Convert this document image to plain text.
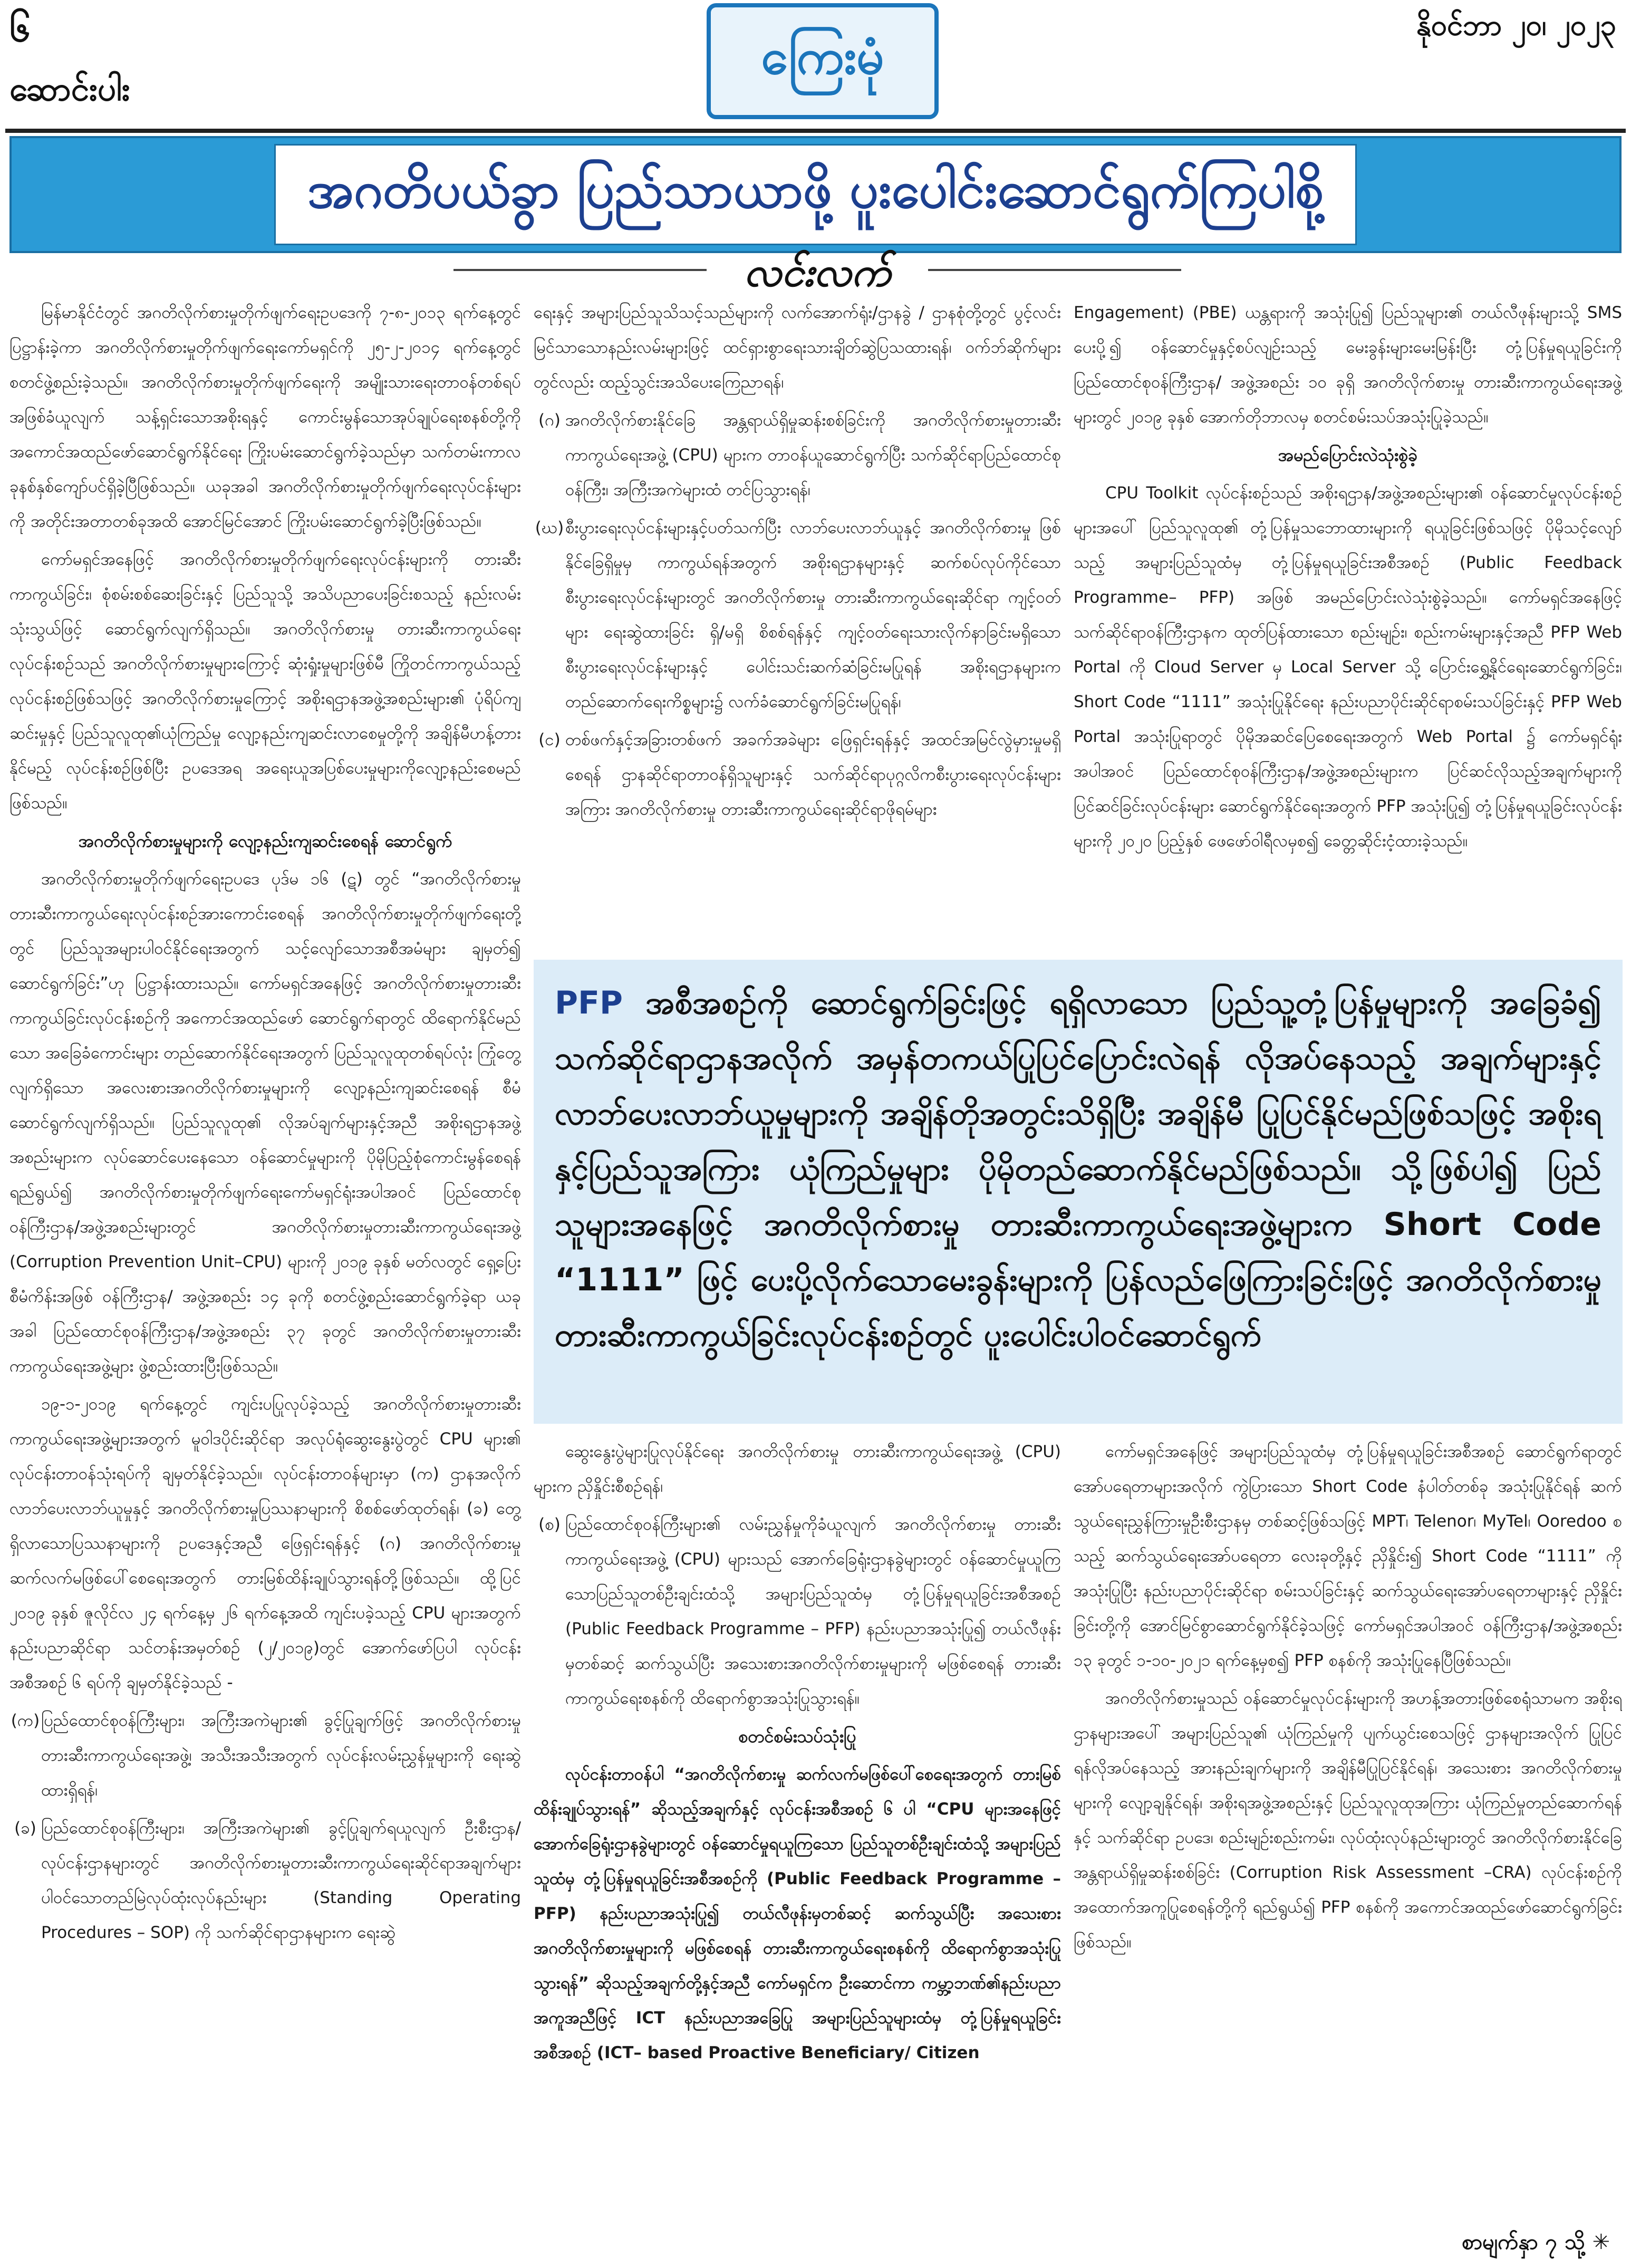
၆
ဆောင်းပါး
ကြေးမုံ
နိုဝင်ဘာ ၂၀၊ ၂၀၂၃
အဂတိပယ်ခွာ ပြည်သာယာဖို့ ပူးပေါင်းဆောင်ရွက်ကြပါစို့
လင်းလက်

မြန်မာနိုင်ငံတွင် အဂတိလိုက်စားမှုတိုက်ဖျက်ရေးဥပဒေကို ၇-၈-၂၀၁၃ ရက်နေ့တွင် ပြဋ္ဌာန်းခဲ့ကာ အဂတိလိုက်စားမှုတိုက်ဖျက်ရေးကော်မရှင်ကို ၂၅-၂-၂၀၁၄ ရက်နေ့တွင် စတင်ဖွဲ့စည်းခဲ့သည်။ အဂတိလိုက်စားမှုတိုက်ဖျက်ရေးကို အမျိုးသားရေးတာဝန်တစ်ရပ်အဖြစ်ခံယူလျက် သန့်ရှင်းသောအစိုးရနှင့် ကောင်းမွန်သောအုပ်ချုပ်ရေးစနစ်တို့ကို အကောင်အထည်ဖော်ဆောင်ရွက်နိုင်ရေး ကြိုးပမ်းဆောင်ရွက်ခဲ့သည်မှာ သက်တမ်းကာလ ခုနစ်နှစ်ကျော်ပင်ရှိခဲ့ပြီဖြစ်သည်။ ယခုအခါ အဂတိလိုက်စားမှုတိုက်ဖျက်ရေးလုပ်ငန်းများကို အတိုင်းအတာတစ်ခုအထိ အောင်မြင်အောင် ကြိုးပမ်းဆောင်ရွက်ခဲ့ပြီးဖြစ်သည်။

ကော်မရှင်အနေဖြင့် အဂတိလိုက်စားမှုတိုက်ဖျက်ရေးလုပ်ငန်းများကို တားဆီးကာကွယ်ခြင်း၊ စုံစမ်းစစ်ဆေးခြင်းနှင့် ပြည်သူသို့ အသိပညာပေးခြင်းစသည့် နည်းလမ်းသုံးသွယ်ဖြင့် ဆောင်ရွက်လျက်ရှိသည်။ အဂတိလိုက်စားမှု တားဆီးကာကွယ်ရေးလုပ်ငန်းစဉ်သည် အဂတိလိုက်စားမှုများကြောင့် ဆုံးရှုံးမှုများဖြစ်မီ ကြိုတင်ကာကွယ်သည့်လုပ်ငန်းစဉ်ဖြစ်သဖြင့် အဂတိလိုက်စားမှုကြောင့် အစိုးရဌာနအဖွဲ့အစည်းများ၏ ပုံရိပ်ကျဆင်းမှုနှင့် ပြည်သူလူထု၏ယုံကြည်မှု လျော့နည်းကျဆင်းလာစေမှုတို့ကို အချိန်မီဟန့်တားနိုင်မည့် လုပ်ငန်းစဉ်ဖြစ်ပြီး ဥပဒေအရ အရေးယူအပြစ်ပေးမှုများကိုလျော့နည်းစေမည်ဖြစ်သည်။

အဂတိလိုက်စားမှုများကို လျော့နည်းကျဆင်းစေရန် ဆောင်ရွက်

အဂတိလိုက်စားမှုတိုက်ဖျက်ရေးဥပဒေ ပုဒ်မ ၁၆ (ဋ) တွင် “အဂတိလိုက်စားမှုတားဆီးကာကွယ်ရေးလုပ်ငန်းစဉ်အားကောင်းစေရန် အဂတိလိုက်စားမှုတိုက်ဖျက်ရေးတို့တွင် ပြည်သူအများပါဝင်နိုင်ရေးအတွက် သင့်လျော်သောအစီအမံများ ချမှတ်၍ ဆောင်ရွက်ခြင်း”ဟု ပြဋ္ဌာန်းထားသည်။ ကော်မရှင်အနေဖြင့် အဂတိလိုက်စားမှုတားဆီးကာကွယ်ခြင်းလုပ်ငန်းစဉ်ကို အကောင်အထည်ဖော် ဆောင်ရွက်ရာတွင် ထိရောက်နိုင်မည်သော အခြေခံကောင်းများ တည်ဆောက်နိုင်ရေးအတွက် ပြည်သူလူထုတစ်ရပ်လုံး ကြုံတွေ့လျက်ရှိသော အလေးစားအဂတိလိုက်စားမှုများကို လျော့နည်းကျဆင်းစေရန် စီမံဆောင်ရွက်လျက်ရှိသည်။ ပြည်သူလူထု၏ လိုအပ်ချက်များနှင့်အညီ အစိုးရဌာနအဖွဲ့အစည်းများက လုပ်ဆောင်ပေးနေသော ဝန်ဆောင်မှုများကို ပိုမိုပြည့်စုံကောင်းမွန်စေရန်ရည်ရွယ်၍ အဂတိလိုက်စားမှုတိုက်ဖျက်ရေးကော်မရှင်ရုံးအပါအဝင် ပြည်ထောင်စုဝန်ကြီးဌာန/အဖွဲ့အစည်းများတွင် အဂတိလိုက်စားမှုတားဆီးကာကွယ်ရေးအဖွဲ့ (Corruption Prevention Unit–CPU) များကို ၂၀၁၉ ခုနှစ် မတ်လတွင် ရှေ့ပြေးစီမံကိန်းအဖြစ် ဝန်ကြီးဌာန/ အဖွဲ့အစည်း ၁၄ ခုကို စတင်ဖွဲ့စည်းဆောင်ရွက်ခဲ့ရာ ယခုအခါ ပြည်ထောင်စုဝန်ကြီးဌာန/အဖွဲ့အစည်း ၃၇ ခုတွင် အဂတိလိုက်စားမှုတားဆီးကာကွယ်ရေးအဖွဲ့များ ဖွဲ့စည်းထားပြီးဖြစ်သည်။

၁၉-၁-၂၀၁၉ ရက်နေ့တွင် ကျင်းပပြုလုပ်ခဲ့သည့် အဂတိလိုက်စားမှုတားဆီးကာကွယ်ရေးအဖွဲ့များအတွက် မူဝါဒပိုင်းဆိုင်ရာ အလုပ်ရုံဆွေးနွေးပွဲတွင် CPU များ၏ လုပ်ငန်းတာဝန်သုံးရပ်ကို ချမှတ်နိုင်ခဲ့သည်။ လုပ်ငန်းတာဝန်များမှာ (က) ဌာနအလိုက် လာဘ်ပေးလာဘ်ယူမှုနှင့် အဂတိလိုက်စားမှုပြဿနာများကို စိစစ်ဖော်ထုတ်ရန်၊ (ခ) တွေ့ရှိလာသောပြဿနာများကို ဥပဒေနှင့်အညီ ဖြေရှင်းရန်နှင့် (ဂ) အဂတိလိုက်စားမှု ဆက်လက်မဖြစ်ပေါ်စေရေးအတွက် တားမြစ်ထိန်းချုပ်သွားရန်တို့ဖြစ်သည်။ ထို့ပြင် ၂၀၁၉ ခုနှစ် ဇူလိုင်လ ၂၄ ရက်နေ့မှ ၂၆ ရက်နေ့အထိ ကျင်းပခဲ့သည့် CPU များအတွက် နည်းပညာဆိုင်ရာ သင်တန်းအမှတ်စဉ် (၂/၂၀၁၉)တွင် အောက်ဖော်ပြပါ လုပ်ငန်းအစီအစဉ် ၆ ရပ်ကို ချမှတ်နိုင်ခဲ့သည် -

(က) ပြည်ထောင်စုဝန်ကြီးများ၊ အကြီးအကဲများ၏ ခွင့်ပြုချက်ဖြင့် အဂတိလိုက်စားမှု တားဆီးကာကွယ်ရေးအဖွဲ့၊ အသီးအသီးအတွက် လုပ်ငန်းလမ်းညွှန်မှုများကို ရေးဆွဲထားရှိရန်၊
(ခ) ပြည်ထောင်စုဝန်ကြီးများ၊ အကြီးအကဲများ၏ ခွင့်ပြုချက်ရယူလျက် ဦးစီးဌာန/လုပ်ငန်းဌာနများတွင် အဂတိလိုက်စားမှုတားဆီးကာကွယ်ရေးဆိုင်ရာအချက်များ ပါဝင်သောတည်မြဲလုပ်ထုံးလုပ်နည်းများ (Standing Operating Procedures – SOP) ကို သက်ဆိုင်ရာဌာနများက ရေးဆွဲ

ရေးနှင့် အများပြည်သူသိသင့်သည်များကို လက်အောက်ရုံး/ဌာနခွဲ / ဌာနစုံတို့တွင် ပွင့်လင်းမြင်သာသောနည်းလမ်းများဖြင့် ထင်ရှားစွာရေးသားချိတ်ဆွဲပြသထားရန်၊ ဝက်ဘ်ဆိုက်များတွင်လည်း ထည့်သွင်းအသိပေးကြေညာရန်၊

(ဂ) အဂတိလိုက်စားနိုင်ခြေ အန္တရာယ်ရှိမှုဆန်းစစ်ခြင်းကို အဂတိလိုက်စားမှုတားဆီးကာကွယ်ရေးအဖွဲ့ (CPU) များက တာဝန်ယူဆောင်ရွက်ပြီး သက်ဆိုင်ရာပြည်ထောင်စုဝန်ကြီး၊ အကြီးအကဲများထံ တင်ပြသွားရန်၊
(ဃ) စီးပွားရေးလုပ်ငန်းများနှင့်ပတ်သက်ပြီး လာဘ်ပေးလာဘ်ယူနှင့် အဂတိလိုက်စားမှု ဖြစ်နိုင်ခြေရှိမှုမှ ကာကွယ်ရန်အတွက် အစိုးရဌာနများနှင့် ဆက်စပ်လုပ်ကိုင်သော စီးပွားရေးလုပ်ငန်းများတွင် အဂတိလိုက်စားမှု တားဆီးကာကွယ်ရေးဆိုင်ရာ ကျင့်ဝတ်များ ရေးဆွဲထားခြင်း ရှိ/မရှိ စိစစ်ရန်နှင့် ကျင့်ဝတ်ရေးသားလိုက်နာခြင်းမရှိသော စီးပွားရေးလုပ်ငန်းများနှင့် ပေါင်းသင်းဆက်ဆံခြင်းမပြုရန် အစိုးရဌာနများက တည်ဆောက်ရေးကိစ္စများ၌ လက်ခံဆောင်ရွက်ခြင်းမပြုရန်၊
(င) တစ်ဖက်နှင့်အခြားတစ်ဖက် အခက်အခဲများ ဖြေရှင်းရန်နှင့် အထင်အမြင်လွဲမှားမှုမရှိစေရန် ဌာနဆိုင်ရာတာဝန်ရှိသူများနှင့် သက်ဆိုင်ရာပုဂ္ဂလိကစီးပွားရေးလုပ်ငန်းများအကြား အဂတိလိုက်စားမှု တားဆီးကာကွယ်ရေးဆိုင်ရာဖိုရမ်များ

Engagement) (PBE) ယန္တရားကို အသုံးပြု၍ ပြည်သူများ၏ တယ်လီဖုန်းများသို့ SMS ပေးပို့၍ ဝန်ဆောင်မှုနှင့်စပ်လျဉ်းသည့် မေးခွန်းများမေးမြန်းပြီး တုံ့ပြန်မှုရယူခြင်းကို ပြည်ထောင်စုဝန်ကြီးဌာန/ အဖွဲ့အစည်း ၁၀ ခုရှိ အဂတိလိုက်စားမှု တားဆီးကာကွယ်ရေးအဖွဲ့များတွင် ၂၀၁၉ ခုနှစ် အောက်တိုဘာလမှ စတင်စမ်းသပ်အသုံးပြုခဲ့သည်။

အမည်ပြောင်းလဲသုံးစွဲခဲ့

CPU Toolkit လုပ်ငန်းစဉ်သည် အစိုးရဌာန/အဖွဲ့အစည်းများ၏ ဝန်ဆောင်မှုလုပ်ငန်းစဉ်များအပေါ် ပြည်သူလူထု၏ တုံ့ပြန်မှုသဘောထားများကို ရယူခြင်းဖြစ်သဖြင့် ပိုမိုသင့်လျော်သည့် အများပြည်သူထံမှ တုံ့ပြန်မှုရယူခြင်းအစီအစဉ် (Public Feedback Programme– PFP) အဖြစ် အမည်ပြောင်းလဲသုံးစွဲခဲ့သည်။ ကော်မရှင်အနေဖြင့် သက်ဆိုင်ရာဝန်ကြီးဌာနက ထုတ်ပြန်ထားသော စည်းမျဉ်း၊ စည်းကမ်းများနှင့်အညီ PFP Web Portal ကို Cloud Server မှ Local Server သို့ ပြောင်းရွှေ့နိုင်ရေးဆောင်ရွက်ခြင်း၊ Short Code “1111” အသုံးပြုနိုင်ရေး နည်းပညာပိုင်းဆိုင်ရာစမ်းသပ်ခြင်းနှင့် PFP Web Portal အသုံးပြုရာတွင် ပိုမိုအဆင်ပြေစေရေးအတွက် Web Portal ၌ ကော်မရှင်ရုံးအပါအဝင် ပြည်ထောင်စုဝန်ကြီးဌာန/အဖွဲ့အစည်းများက ပြင်ဆင်လိုသည့်အချက်များကို ပြင်ဆင်ခြင်းလုပ်ငန်းများ ဆောင်ရွက်နိုင်ရေးအတွက် PFP အသုံးပြု၍ တုံ့ပြန်မှုရယူခြင်းလုပ်ငန်းများကို ၂၀၂၀ ပြည့်နှစ် ဖေဖော်ဝါရီလမှစ၍ ခေတ္တဆိုင်းငံ့ထားခဲ့သည်။

PFP အစီအစဉ်ကို ဆောင်ရွက်ခြင်းဖြင့် ရရှိလာသော ပြည်သူ့တုံ့ပြန်မှုများကို အခြေခံ၍ သက်ဆိုင်ရာဌာနအလိုက် အမှန်တကယ်ပြုပြင်ပြောင်းလဲရန် လိုအပ်နေသည့် အချက်များနှင့် လာဘ်ပေးလာဘ်ယူမှုများကို အချိန်တိုအတွင်းသိရှိပြီး အချိန်မီ ပြုပြင်နိုင်မည်ဖြစ်သဖြင့် အစိုးရနှင့်ပြည်သူအကြား ယုံကြည်မှုများ ပိုမိုတည်ဆောက်နိုင်မည်ဖြစ်သည်။ သို့ဖြစ်ပါ၍ ပြည်သူများအနေဖြင့် အဂတိလိုက်စားမှု တားဆီးကာကွယ်ရေးအဖွဲ့များက Short Code “1111” ဖြင့် ပေးပို့လိုက်သောမေးခွန်းများကို ပြန်လည်ဖြေကြားခြင်းဖြင့် အဂတိလိုက်စားမှုတားဆီးကာကွယ်ခြင်းလုပ်ငန်းစဉ်တွင် ပူးပေါင်းပါဝင်ဆောင်ရွက်

ဆွေးနွေးပွဲများပြုလုပ်နိုင်ရေး အဂတိလိုက်စားမှု တားဆီးကာကွယ်ရေးအဖွဲ့ (CPU) များက ညှိနှိုင်းစီစဉ်ရန်၊

(စ) ပြည်ထောင်စုဝန်ကြီးများ၏ လမ်းညွှန်မှုကိုခံယူလျက် အဂတိလိုက်စားမှု တားဆီးကာကွယ်ရေးအဖွဲ့ (CPU) များသည် အောက်ခြေရုံးဌာနခွဲများတွင် ဝန်ဆောင်မှုယူကြသောပြည်သူတစ်ဦးချင်းထံသို့ အများပြည်သူထံမှ တုံ့ပြန်မှုရယူခြင်းအစီအစဉ် (Public Feedback Programme – PFP) နည်းပညာအသုံးပြု၍ တယ်လီဖုန်းမှတစ်ဆင့် ဆက်သွယ်ပြီး အသေးစားအဂတိလိုက်စားမှုများကို မဖြစ်စေရန် တားဆီးကာကွယ်ရေးစနစ်ကို ထိရောက်စွာအသုံးပြုသွားရန်။
စတင်စမ်းသပ်သုံးပြု

လုပ်ငန်းတာဝန်ပါ “အဂတိလိုက်စားမှု ဆက်လက်မဖြစ်ပေါ်စေရေးအတွက် တားမြစ်ထိန်းချုပ်သွားရန်” ဆိုသည့်အချက်နှင့် လုပ်ငန်းအစီအစဉ် ၆ ပါ “CPU များအနေဖြင့် အောက်ခြေရုံးဌာနခွဲများတွင် ဝန်ဆောင်မှုရယူကြသော ပြည်သူတစ်ဦးချင်းထံသို့ အများပြည်သူထံမှ တုံ့ပြန်မှုရယူခြင်းအစီအစဉ်ကို (Public Feedback Programme – PFP) နည်းပညာအသုံးပြု၍ တယ်လီဖုန်းမှတစ်ဆင့် ဆက်သွယ်ပြီး အသေးစားအဂတိလိုက်စားမှုများကို မဖြစ်စေရန် တားဆီးကာကွယ်ရေးစနစ်ကို ထိရောက်စွာအသုံးပြုသွားရန်” ဆိုသည့်အချက်တို့နှင့်အညီ ကော်မရှင်က ဦးဆောင်ကာ ကမ္ဘာ့ဘဏ်၏နည်းပညာအကူအညီဖြင့် ICT နည်းပညာအခြေပြု အများပြည်သူများထံမှ တုံ့ပြန်မှုရယူခြင်းအစီအစဉ် (ICT– based Proactive Beneficiary/ Citizen

ကော်မရှင်အနေဖြင့် အများပြည်သူထံမှ တုံ့ပြန်မှုရယူခြင်းအစီအစဉ် ဆောင်ရွက်ရာတွင် အော်ပရေတာများအလိုက် ကွဲပြားသော Short Code နံပါတ်တစ်ခု အသုံးပြုနိုင်ရန် ဆက်သွယ်ရေးညွှန်ကြားမှုဦးစီးဌာနမှ တစ်ဆင့်ဖြစ်သဖြင့် MPT၊ Telenor၊ MyTel၊ Ooredoo စသည့် ဆက်သွယ်ရေးအော်ပရေတာ လေးခုတို့နှင့် ညှိနှိုင်း၍ Short Code “1111” ကို အသုံးပြုပြီး နည်းပညာပိုင်းဆိုင်ရာ စမ်းသပ်ခြင်းနှင့် ဆက်သွယ်ရေးအော်ပရေတာများနှင့် ညှိနှိုင်းခြင်းတို့ကို အောင်မြင်စွာဆောင်ရွက်နိုင်ခဲ့သဖြင့် ကော်မရှင်အပါအဝင် ဝန်ကြီးဌာန/အဖွဲ့အစည်း ၁၃ ခုတွင် ၁-၁၀-၂၀၂၁ ရက်နေ့မှစ၍ PFP စနစ်ကို အသုံးပြုနေပြီဖြစ်သည်။

အဂတိလိုက်စားမှုသည် ဝန်ဆောင်မှုလုပ်ငန်းများကို အဟန့်အတားဖြစ်စေရုံသာမက အစိုးရဌာနများအပေါ် အများပြည်သူ၏ ယုံကြည်မှုကို ပျက်ယွင်းစေသဖြင့် ဌာနများအလိုက် ပြုပြင်ရန်လိုအပ်နေသည့် အားနည်းချက်များကို အချိန်မီပြုပြင်နိုင်ရန်၊ အသေးစား အဂတိလိုက်စားမှုများကို လျော့ချနိုင်ရန်၊ အစိုးရအဖွဲ့အစည်းနှင့် ပြည်သူလူထုအကြား ယုံကြည်မှုတည်ဆောက်ရန်နှင့် သက်ဆိုင်ရာ ဥပဒေ၊ စည်းမျဉ်းစည်းကမ်း၊ လုပ်ထုံးလုပ်နည်းများတွင် အဂတိလိုက်စားနိုင်ခြေအန္တရာယ်ရှိမှုဆန်းစစ်ခြင်း (Corruption Risk Assessment –CRA) လုပ်ငန်းစဉ်ကို အထောက်အကူပြုစေရန်တို့ကို ရည်ရွယ်၍ PFP စနစ်ကို အကောင်အထည်ဖော်ဆောင်ရွက်ခြင်းဖြစ်သည်။

စာမျက်နှာ ၇ သို့ ✳
